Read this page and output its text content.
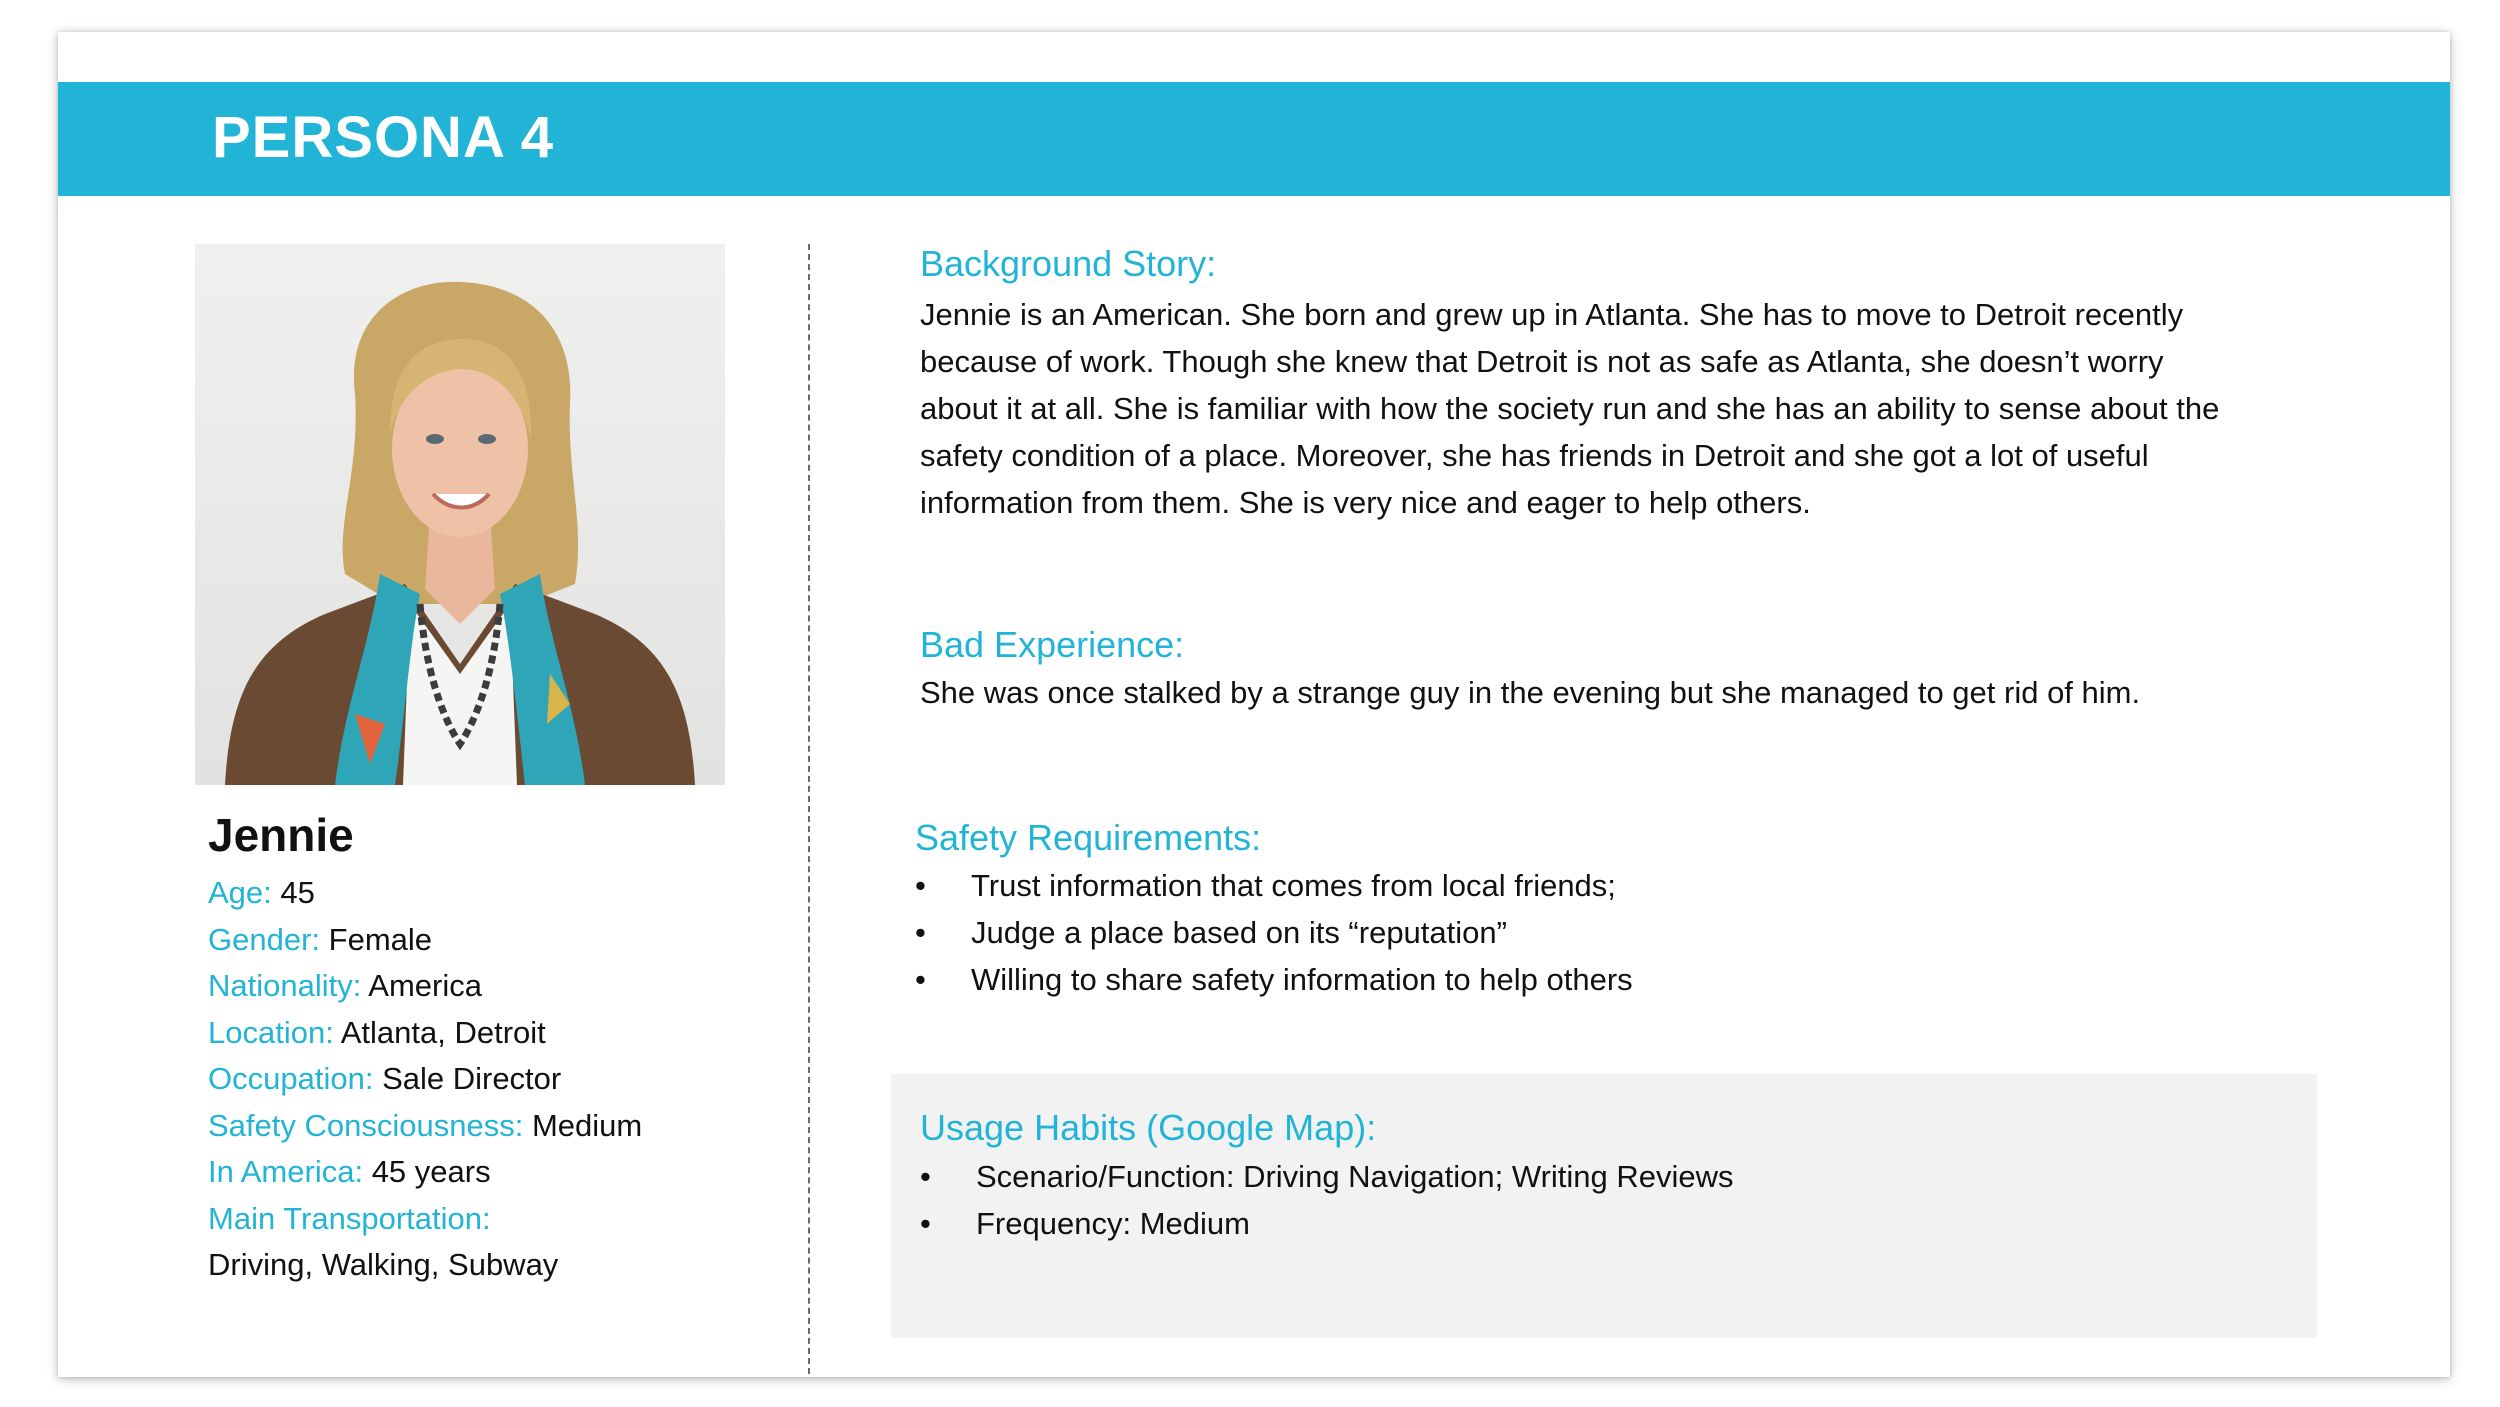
PERSONA 4
Jennie
Age: 45
Gender: Female
Nationality: America
Location: Atlanta, Detroit
Occupation: Sale Director
Safety Consciousness: Medium
In America: 45 years
Main Transportation:
Driving, Walking, Subway
Background Story:
Jennie is an American. She born and grew up in Atlanta. She has to move to Detroit recently
because of work. Though she knew that Detroit is not as safe as Atlanta, she doesn’t worry
about it at all. She is familiar with how the society run and she has an ability to sense about the
safety condition of a place. Moreover, she has friends in Detroit and she got a lot of useful
information from them. She is very nice and eager to help others.
Bad Experience:

She was once stalked by a strange guy in the evening but she managed to get rid of him.

Safety Requirements:
• Trust information that comes from local friends;
• Judge a place based on its “reputation”
• Willing to share safety information to help others
Usage Habits (Google Map):
• Scenario/Function: Driving Navigation; Writing Reviews
• Frequency: Medium
